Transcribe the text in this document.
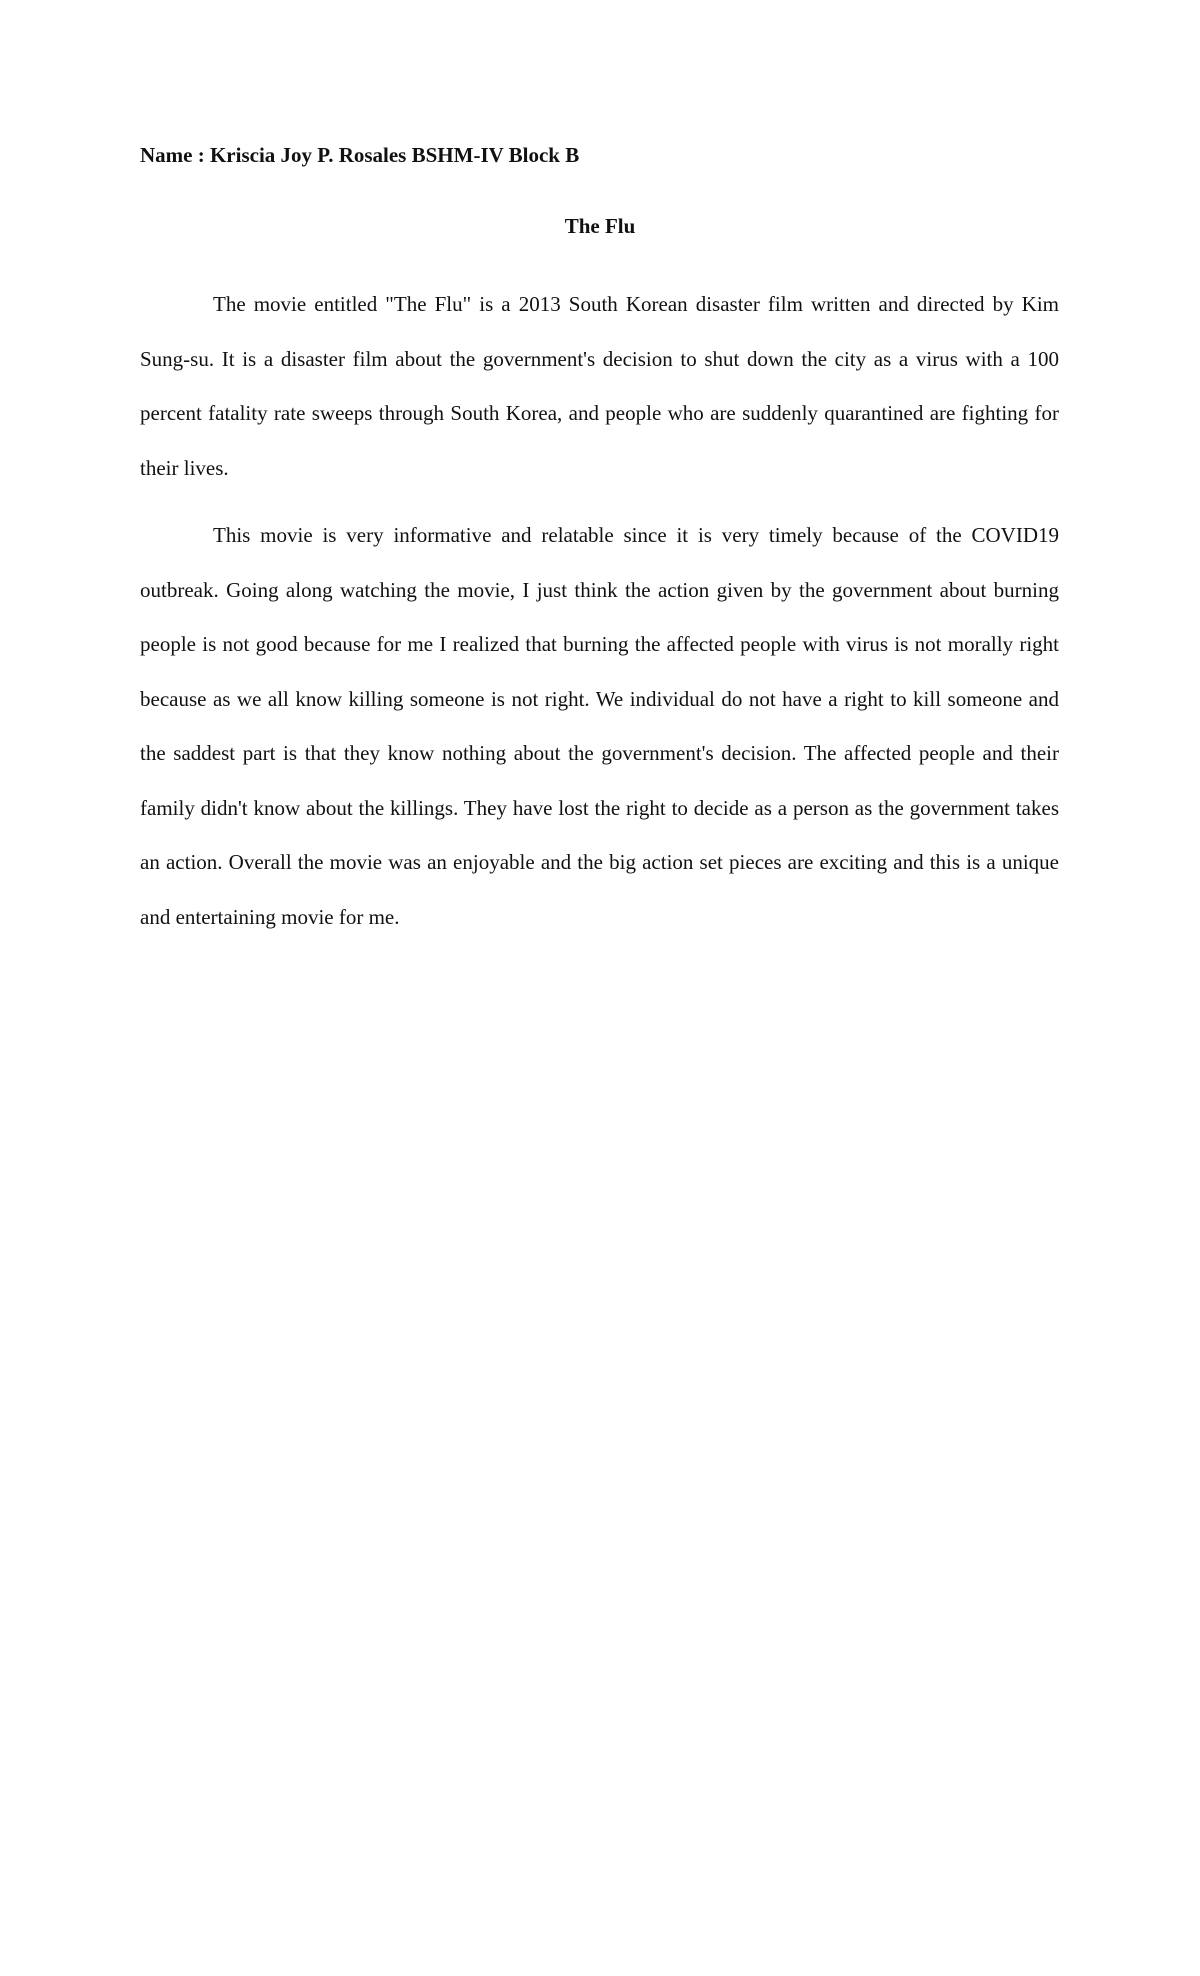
Name : Kriscia Joy P. Rosales BSHM-IV Block B
The Flu

The movie entitled "The Flu" is a 2013 South Korean disaster film written and directed by Kim Sung-su. It is a disaster film about the government's decision to shut down the city as a virus with a 100 percent fatality rate sweeps through South Korea, and people who are suddenly quarantined are fighting for their lives.

This movie is very informative and relatable since it is very timely because of the COVID19 outbreak. Going along watching the movie, I just think the action given by the government about burning people is not good because for me I realized that burning the affected people with virus is not morally right because as we all know killing someone is not right. We individual do not have a right to kill someone and the saddest part is that they know nothing about the government's decision. The affected people and their family didn't know about the killings. They have lost the right to decide as a person as the government takes an action. Overall the movie was an enjoyable and the big action set pieces are exciting and this is a unique and entertaining movie for me.
